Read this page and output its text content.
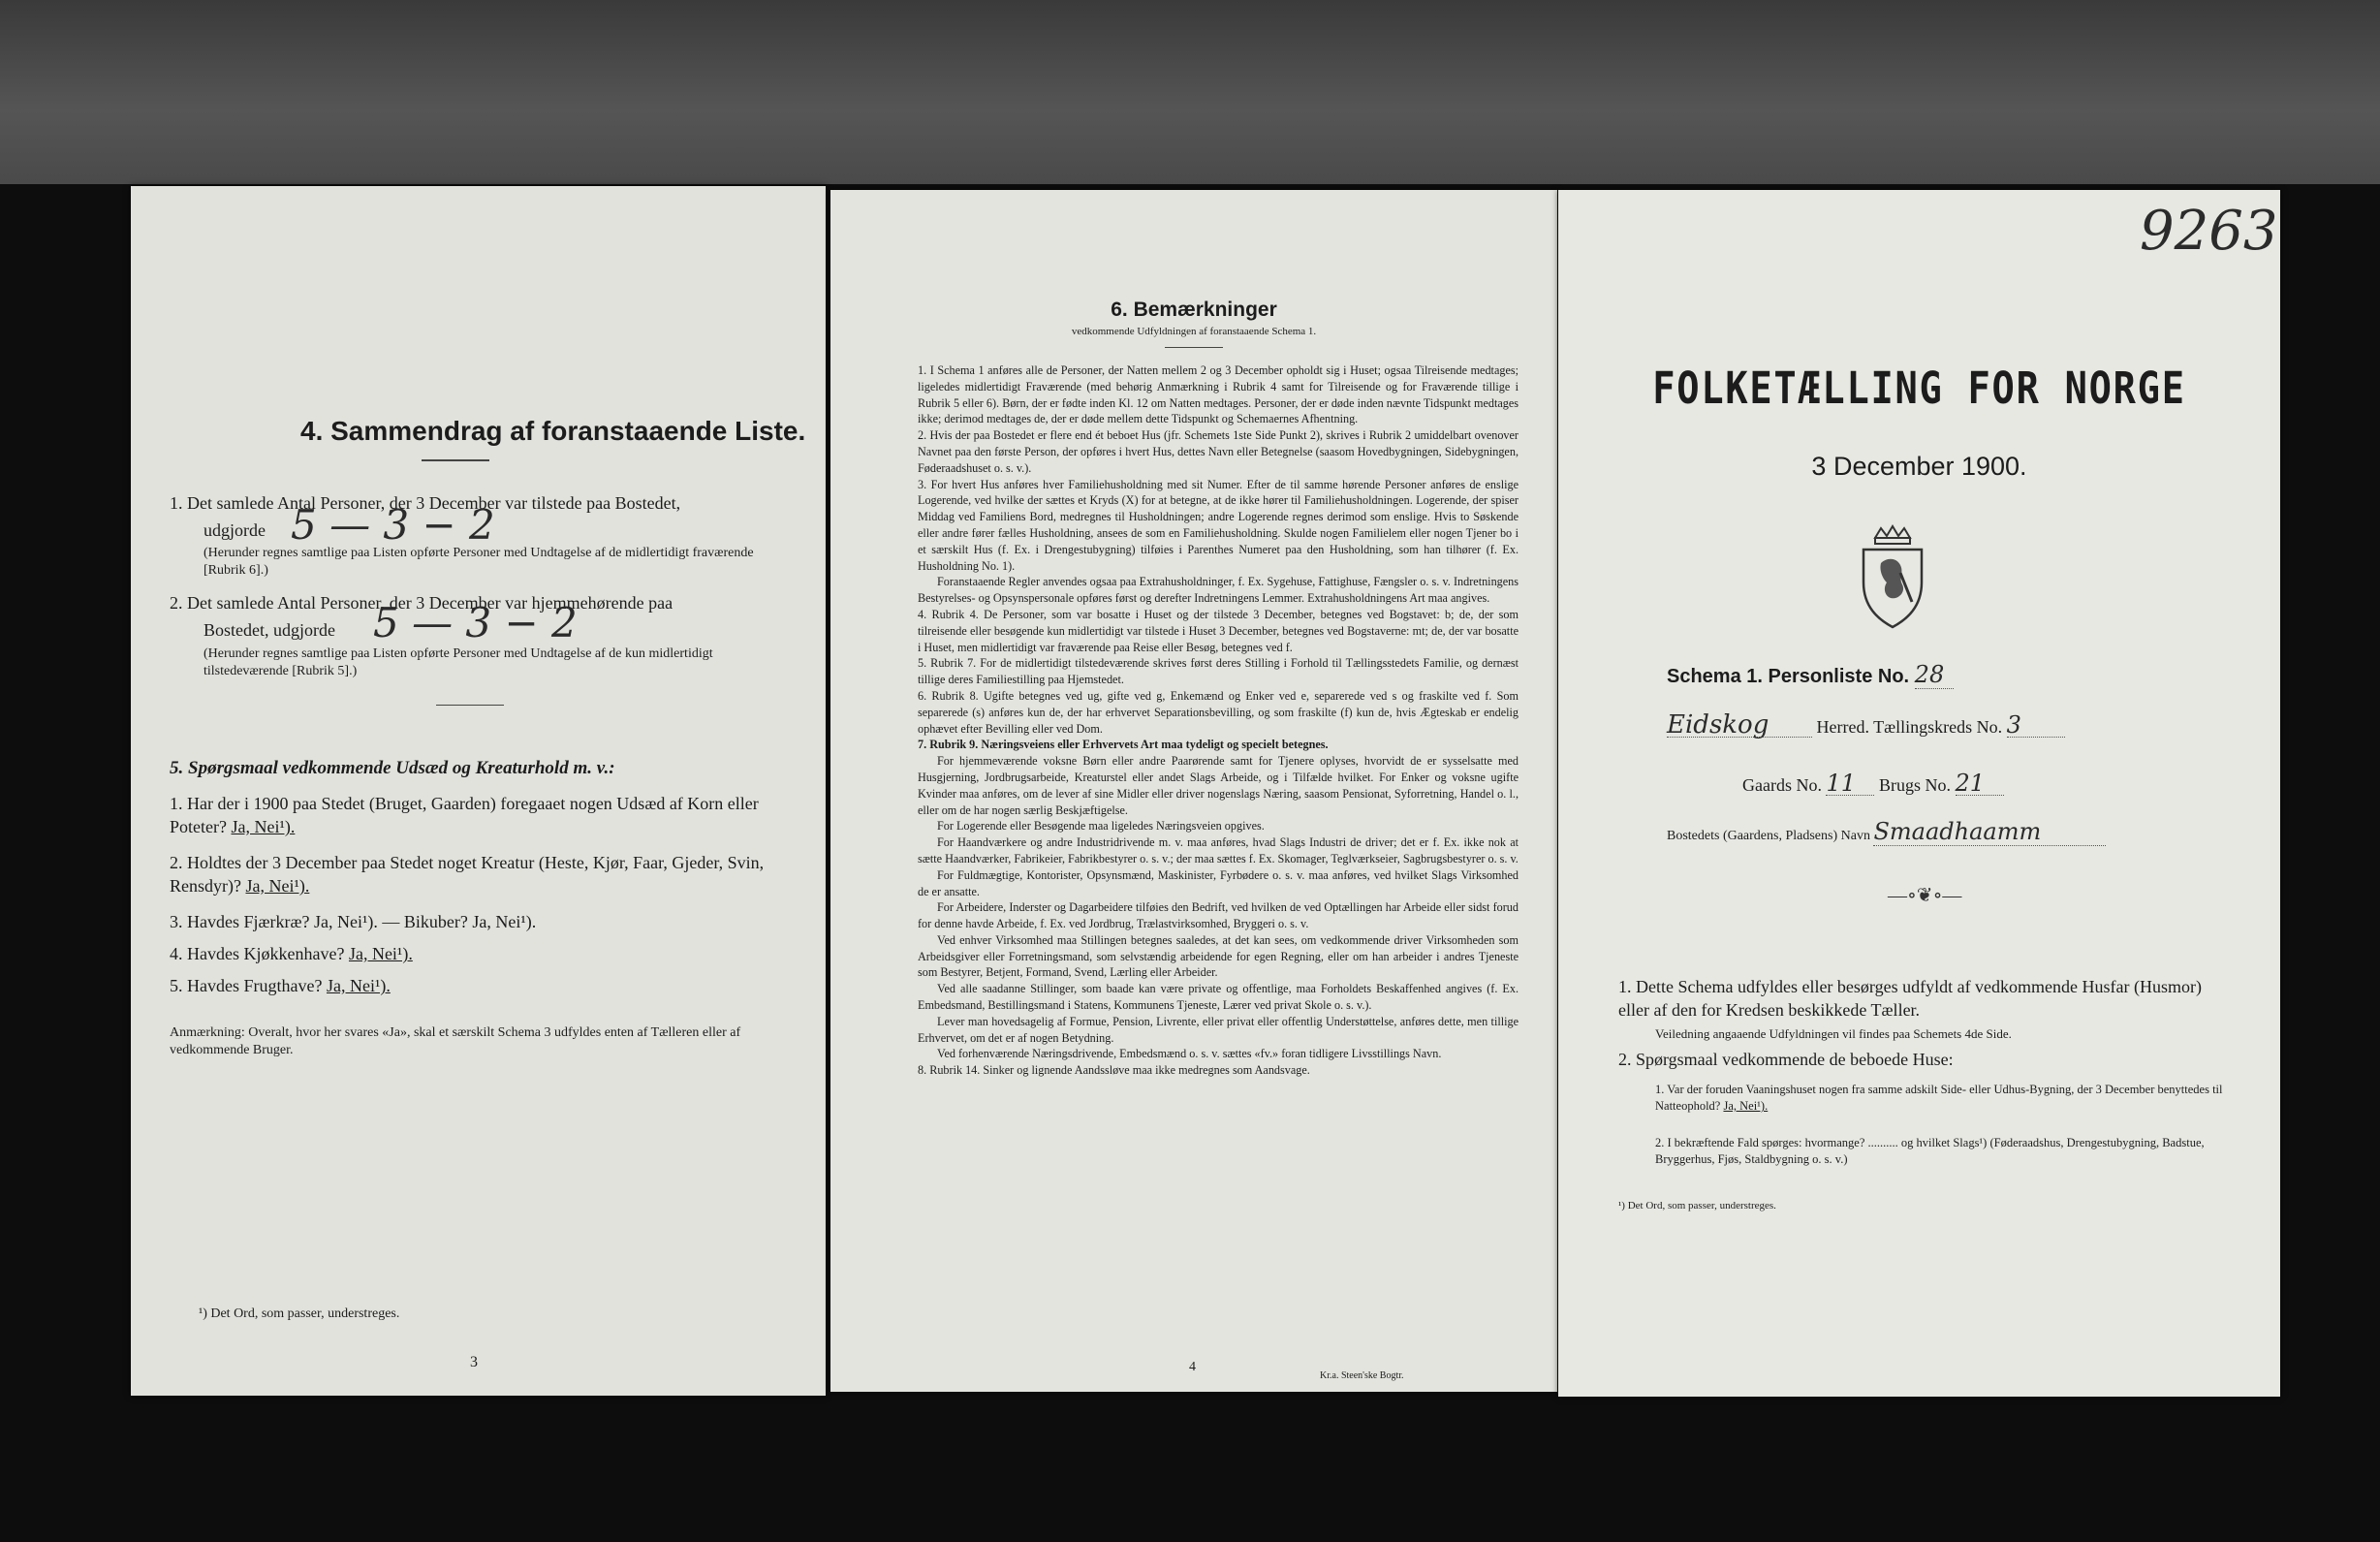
4. Sammendrag af foranstaaende Liste.
1. Det samlede Antal Personer, der 3 December var tilstede paa Bostedet,
udgjorde 5 — 3 − 2
(Herunder regnes samtlige paa Listen opførte Personer med Undtagelse af de midlertidigt fraværende [Rubrik 6].)
2. Det samlede Antal Personer, der 3 December var hjemmehørende paa
Bostedet, udgjorde 5 — 3 − 2
(Herunder regnes samtlige paa Listen opførte Personer med Undtagelse af de kun midlertidigt tilstedeværende [Rubrik 5].)
5. Spørgsmaal vedkommende Udsæd og Kreaturhold m. v.:
1. Har der i 1900 paa Stedet (Bruget, Gaarden) foregaaet nogen Udsæd af Korn eller Poteter? Ja, Nei¹).
2. Holdtes der 3 December paa Stedet noget Kreatur (Heste, Kjør, Faar, Gjeder, Svin, Rensdyr)? Ja, Nei¹).
3. Havdes Fjærkræ? Ja, Nei¹). — Bikuber? Ja, Nei¹).
4. Havdes Kjøkkenhave? Ja, Nei¹).
5. Havdes Frugthave? Ja, Nei¹).
Anmærkning: Overalt, hvor her svares «Ja», skal et særskilt Schema 3 udfyldes enten af Tælleren eller af vedkommende Bruger.
¹) Det Ord, som passer, understreges.
3
6. Bemærkninger
vedkommende Udfyldningen af foranstaaende Schema 1.
1. I Schema 1 anføres alle de Personer, der Natten mellem 2 og 3 December opholdt sig i Huset; ogsaa Tilreisende medtages; ligeledes midlertidigt Fraværende (med behørig Anmærkning i Rubrik 4 samt for Tilreisende og for Fraværende tillige i Rubrik 5 eller 6). Børn, der er fødte inden Kl. 12 om Natten medtages. Personer, der er døde inden nævnte Tidspunkt medtages ikke; derimod medtages de, der er døde mellem dette Tidspunkt og Schemaernes Afhentning.
2. Hvis der paa Bostedet er flere end ét beboet Hus (jfr. Schemets 1ste Side Punkt 2), skrives i Rubrik 2 umiddelbart ovenover Navnet paa den første Person, der opføres i hvert Hus, dettes Navn eller Betegnelse (saasom Hovedbygningen, Sidebygningen, Føderaadshuset o. s. v.).
3. For hvert Hus anføres hver Familiehusholdning med sit Numer. Efter de til samme hørende Personer anføres de enslige Logerende, ved hvilke der sættes et Kryds (X) for at betegne, at de ikke hører til Familiehusholdningen. Logerende, der spiser Middag ved Familiens Bord, medregnes til Husholdningen; andre Logerende regnes derimod som enslige. Hvis to Søskende eller andre fører fælles Husholdning, ansees de som en Familiehusholdning. Skulde nogen Familielem eller nogen Tjener bo i et særskilt Hus (f. Ex. i Drengestubygning) tilføies i Parenthes Numeret paa den Husholdning, som han tilhører (f. Ex. Husholdning No. 1).
Foranstaaende Regler anvendes ogsaa paa Extrahusholdninger, f. Ex. Sygehuse, Fattighuse, Fængsler o. s. v. Indretningens Bestyrelses- og Opsynspersonale opføres først og derefter Indretningens Lemmer. Extrahusholdningens Art maa angives.
4. Rubrik 4. De Personer, som var bosatte i Huset og der tilstede 3 December, betegnes ved Bogstavet: b; de, der som tilreisende eller besøgende kun midlertidigt var tilstede i Huset 3 December, betegnes ved Bogstaverne: mt; de, der var bosatte i Huset, men midlertidigt var fraværende paa Reise eller Besøg, betegnes ved f.
5. Rubrik 7. For de midlertidigt tilstedeværende skrives først deres Stilling i Forhold til Tællingsstedets Familie, og dernæst tillige deres Familiestilling paa Hjemstedet.
6. Rubrik 8. Ugifte betegnes ved ug, gifte ved g, Enkemænd og Enker ved e, separerede ved s og fraskilte ved f. Som separerede (s) anføres kun de, der har erhvervet Separationsbevilling, og som fraskilte (f) kun de, hvis Ægteskab er endelig ophævet efter Bevilling eller ved Dom.
7. Rubrik 9. Næringsveiens eller Erhvervets Art maa tydeligt og specielt betegnes.
For hjemmeværende voksne Børn eller andre Paarørende samt for Tjenere oplyses, hvorvidt de er sysselsatte med Husgjerning, Jordbrugsarbeide, Kreaturstel eller andet Slags Arbeide, og i Tilfælde hvilket. For Enker og voksne ugifte Kvinder maa anføres, om de lever af sine Midler eller driver nogenslags Næring, saasom Pensionat, Syforretning, Handel o. l., eller om de har nogen særlig Beskjæftigelse.
For Logerende eller Besøgende maa ligeledes Næringsveien opgives.
For Haandværkere og andre Industridrivende m. v. maa anføres, hvad Slags Industri de driver; det er f. Ex. ikke nok at sætte Haandværker, Fabrikeier, Fabrikbestyrer o. s. v.; der maa sættes f. Ex. Skomager, Teglværkseier, Sagbrugsbestyrer o. s. v.
For Fuldmægtige, Kontorister, Opsynsmænd, Maskinister, Fyrbødere o. s. v. maa anføres, ved hvilket Slags Virksomhed de er ansatte.
For Arbeidere, Inderster og Dagarbeidere tilføies den Bedrift, ved hvilken de ved Optællingen har Arbeide eller sidst forud for denne havde Arbeide, f. Ex. ved Jordbrug, Trælastvirksomhed, Bryggeri o. s. v.
Ved enhver Virksomhed maa Stillingen betegnes saaledes, at det kan sees, om vedkommende driver Virksomheden som Arbeidsgiver eller Forretningsmand, som selvstændig arbeidende for egen Regning, eller om han arbeider i andres Tjeneste som Bestyrer, Betjent, Formand, Svend, Lærling eller Arbeider.
Ved alle saadanne Stillinger, som baade kan være private og offentlige, maa Forholdets Beskaffenhed angives (f. Ex. Embedsmand, Bestillingsmand i Statens, Kommunens Tjeneste, Lærer ved privat Skole o. s. v.).
Lever man hovedsagelig af Formue, Pension, Livrente, eller privat eller offentlig Understøttelse, anføres dette, men tillige Erhvervet, om det er af nogen Betydning.
Ved forhenværende Næringsdrivende, Embedsmænd o. s. v. sættes «fv.» foran tidligere Livsstillings Navn.
8. Rubrik 14. Sinker og lignende Aandssløve maa ikke medregnes som Aandsvage.
4
Kr.a. Steen'ske Bogtr.
9263
FOLKETÆLLING FOR NORGE
3 December 1900.
Schema 1. Personliste No. 28
Eidskog	Herred. Tællingskreds No. 3
Gaards No. 11 Brugs No. 21
Bostedets (Gaardens, Pladsens) Navn Smaadhaamm
—∘❦∘—
1. Dette Schema udfyldes eller besørges udfyldt af vedkommende Husfar (Husmor) eller af den for Kredsen beskikkede Tæller.
Veiledning angaaende Udfyldningen vil findes paa Schemets 4de Side.
2. Spørgsmaal vedkommende de beboede Huse:
1. Var der foruden Vaaningshuset nogen fra samme adskilt Side- eller Udhus-Bygning, der 3 December benyttedes til Natteophold? Ja, Nei¹).
2. I bekræftende Fald spørges: hvormange? .......... og hvilket Slags¹) (Føderaadshus, Drengestubygning, Badstue, Bryggerhus, Fjøs, Staldbygning o. s. v.)
¹) Det Ord, som passer, understreges.
